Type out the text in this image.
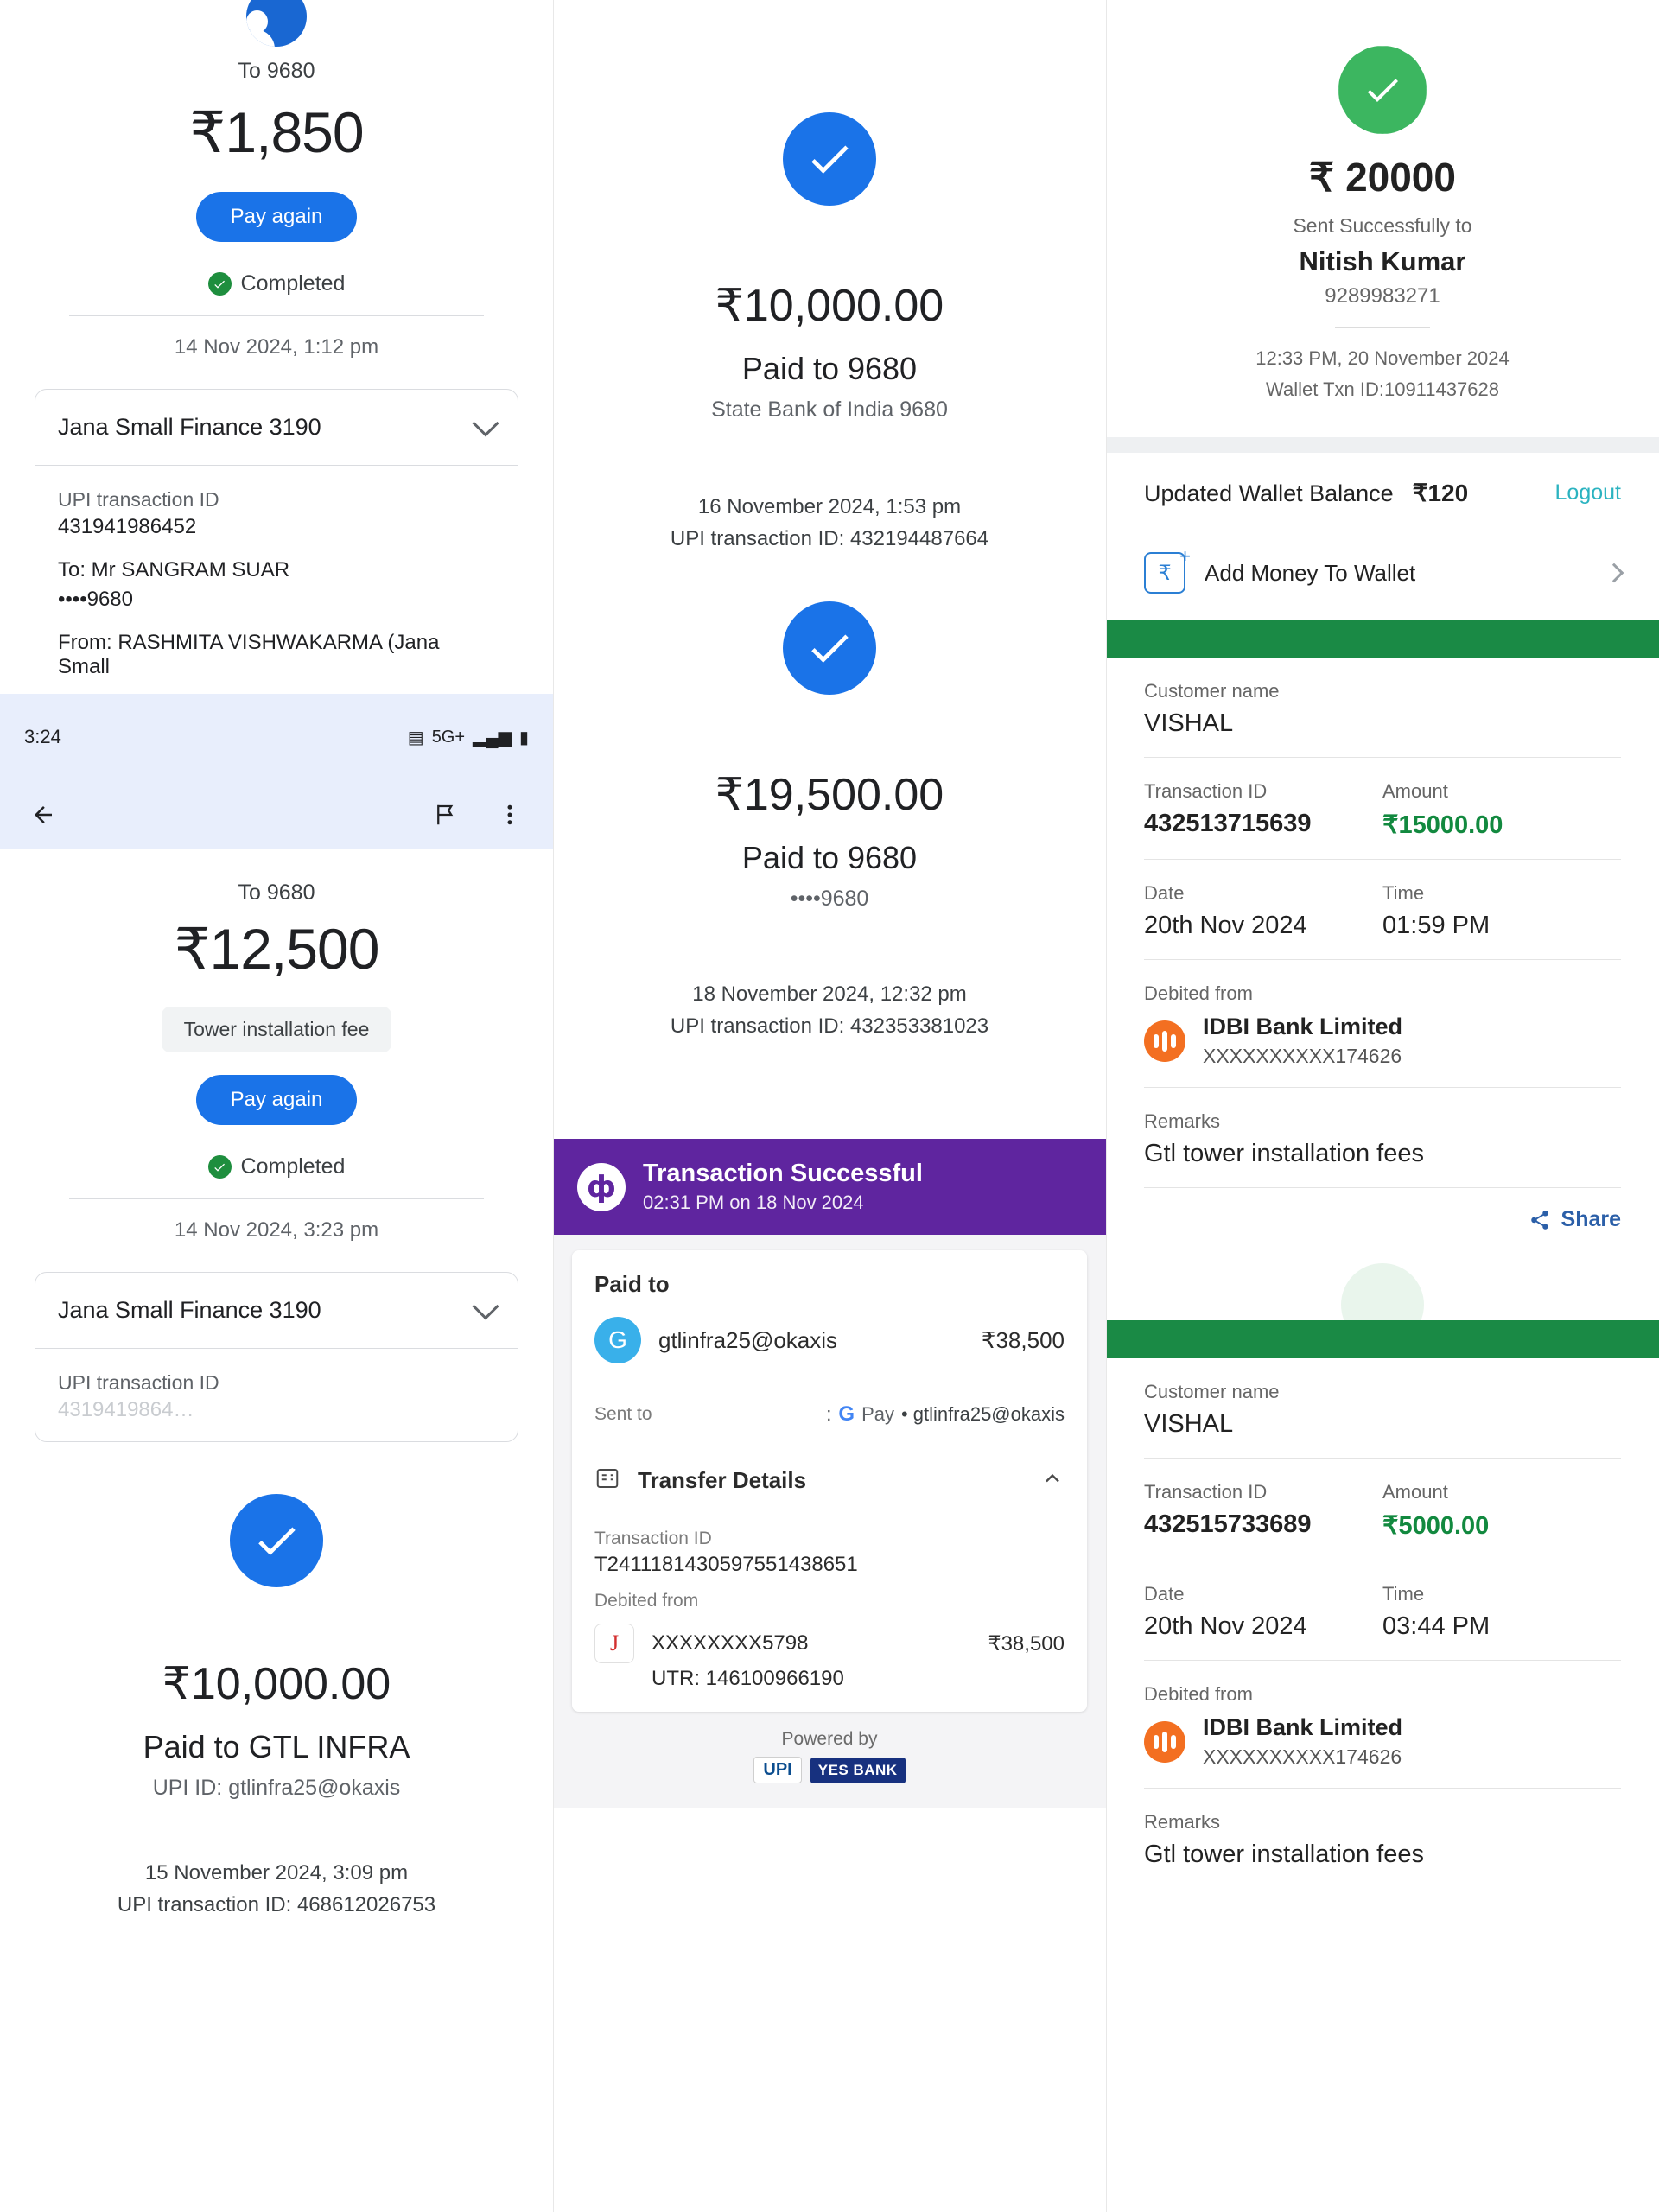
To 9680
₹1,850
Pay again
Completed
14 Nov 2024, 1:12 pm
Jana Small Finance 3190
UPI transaction ID
431941986452
To: Mr SANGRAM SUAR
••••9680
From: RASHMITA VISHWAKARMA (Jana Small
3:24	▤ 5G+ ▂▄▆ ▮
To 9680
₹12,500
Tower installation fee
Pay again
Completed
14 Nov 2024, 3:23 pm
Jana Small Finance 3190
UPI transaction ID
4319419864…
₹10,000.00
Paid to GTL INFRA
UPI ID: gtlinfra25@okaxis
15 November 2024, 3:09 pm
UPI transaction ID: 468612026753
₹10,000.00
Paid to 9680
State Bank of India 9680
16 November 2024, 1:53 pm
UPI transaction ID: 432194487664
₹19,500.00
Paid to 9680
••••9680
18 November 2024, 12:32 pm
UPI transaction ID: 432353381023
ф	Transaction Successful
02:31 PM on 18 Nov 2024
Paid to
G	gtlinfra25@okaxis	₹38,500
Sent to	: G Pay • gtlinfra25@okaxis
Transfer Details
Transaction ID
T2411181430597551438651
Debited from
J	XXXXXXXX5798	₹38,500
UTR: 146100966190
Powered by
UPI	YES BANK
₹ 20000
Sent Successfully to
Nitish Kumar
9289983271
12:33 PM, 20 November 2024
Wallet Txn ID:10911437628
Updated Wallet Balance ₹120	Logout
₹
+
Add Money To Wallet
Customer name
VISHAL
Transaction ID
432513715639
Amount
₹15000.00
Date
20th Nov 2024
Time
01:59 PM
Debited from
IDBI Bank Limited
XXXXXXXXXX174626
Remarks
Gtl tower installation fees
Share
Customer name
VISHAL
Transaction ID
432515733689
Amount
₹5000.00
Date
20th Nov 2024
Time
03:44 PM
Debited from
IDBI Bank Limited
XXXXXXXXXX174626
Remarks
Gtl tower installation fees
